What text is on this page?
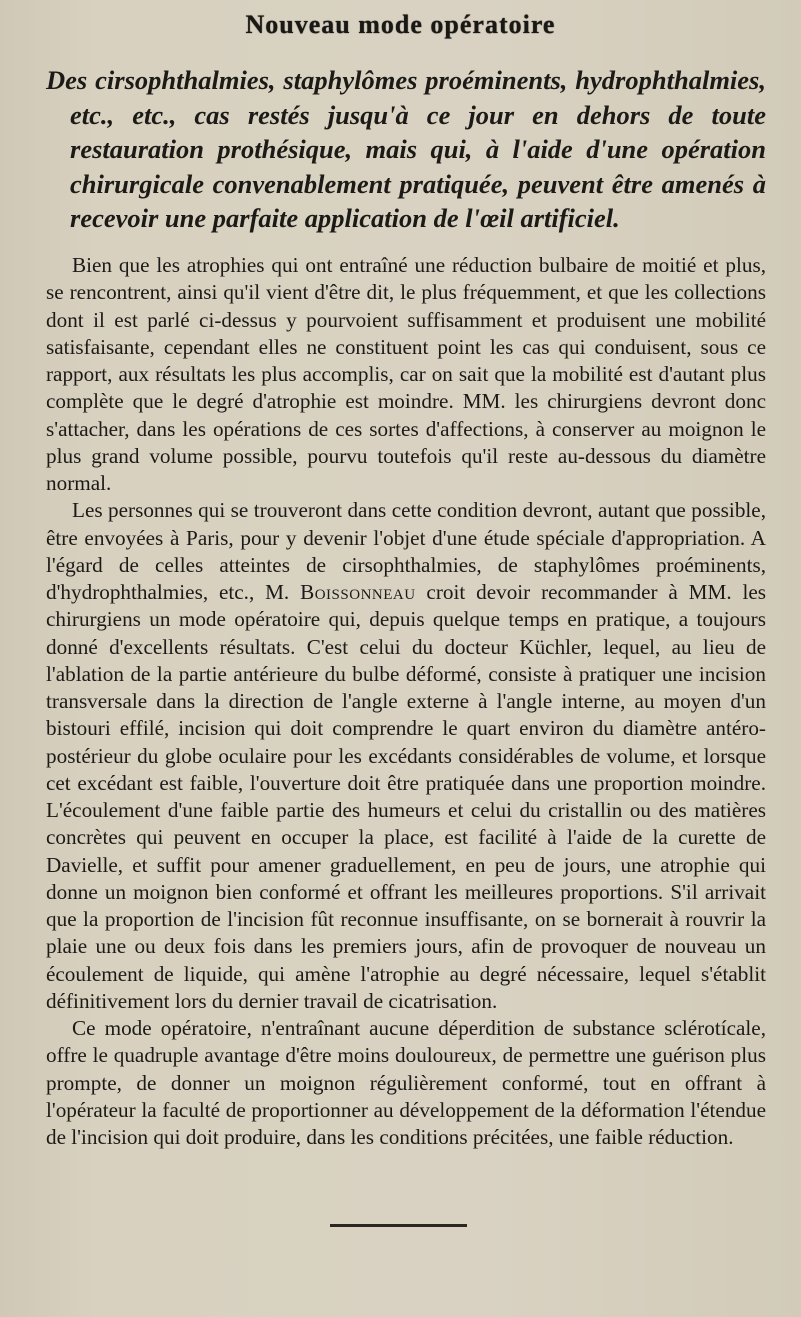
Nouveau mode opératoire

Des cirsophthalmies, staphylômes proéminents, hydrophthalmies, etc., etc., cas restés jusqu'à ce jour en dehors de toute restauration prothésique, mais qui, à l'aide d'une opération chirurgicale convenablement pratiquée, peuvent être amenés à recevoir une parfaite application de l'œil artificiel.

Bien que les atrophies qui ont entraîné une réduction bulbaire de moitié et plus, se rencontrent, ainsi qu'il vient d'être dit, le plus fréquemment, et que les collections dont il est parlé ci-dessus y pourvoient suffisamment et produisent une mobilité satisfaisante, cependant elles ne constituent point les cas qui conduisent, sous ce rapport, aux résultats les plus accomplis, car on sait que la mobilité est d'autant plus complète que le degré d'atrophie est moindre. MM. les chirurgiens devront donc s'attacher, dans les opérations de ces sortes d'affections, à conserver au moignon le plus grand volume possible, pourvu toutefois qu'il reste au-dessous du diamètre normal.

Les personnes qui se trouveront dans cette condition devront, autant que possible, être envoyées à Paris, pour y devenir l'objet d'une étude spéciale d'appropriation. A l'égard de celles atteintes de cirsophthalmies, de staphylômes proéminents, d'hydrophthalmies, etc., M. Boissonneau croit devoir recommander à MM. les chirurgiens un mode opératoire qui, depuis quelque temps en pratique, a toujours donné d'excellents résultats. C'est celui du docteur Küchler, lequel, au lieu de l'ablation de la partie antérieure du bulbe déformé, consiste à pratiquer une incision transversale dans la direction de l'angle externe à l'angle interne, au moyen d'un bistouri effilé, incision qui doit comprendre le quart environ du diamètre antéro-postérieur du globe oculaire pour les excédants considérables de volume, et lorsque cet excédant est faible, l'ouverture doit être pratiquée dans une proportion moindre. L'écoulement d'une faible partie des humeurs et celui du cristallin ou des matières concrètes qui peuvent en occuper la place, est facilité à l'aide de la curette de Davielle, et suffit pour amener graduellement, en peu de jours, une atrophie qui donne un moignon bien conformé et offrant les meilleures proportions. S'il arrivait que la proportion de l'incision fût reconnue insuffisante, on se bornerait à rouvrir la plaie une ou deux fois dans les premiers jours, afin de provoquer de nouveau un écoulement de liquide, qui amène l'atrophie au degré nécessaire, lequel s'établit définitivement lors du dernier travail de cicatrisation.

Ce mode opératoire, n'entraînant aucune déperdition de substance sclérotícale, offre le quadruple avantage d'être moins douloureux, de permettre une guérison plus prompte, de donner un moignon régulièrement conformé, tout en offrant à l'opérateur la faculté de proportionner au développement de la déformation l'étendue de l'incision qui doit produire, dans les conditions précitées, une faible réduction.
